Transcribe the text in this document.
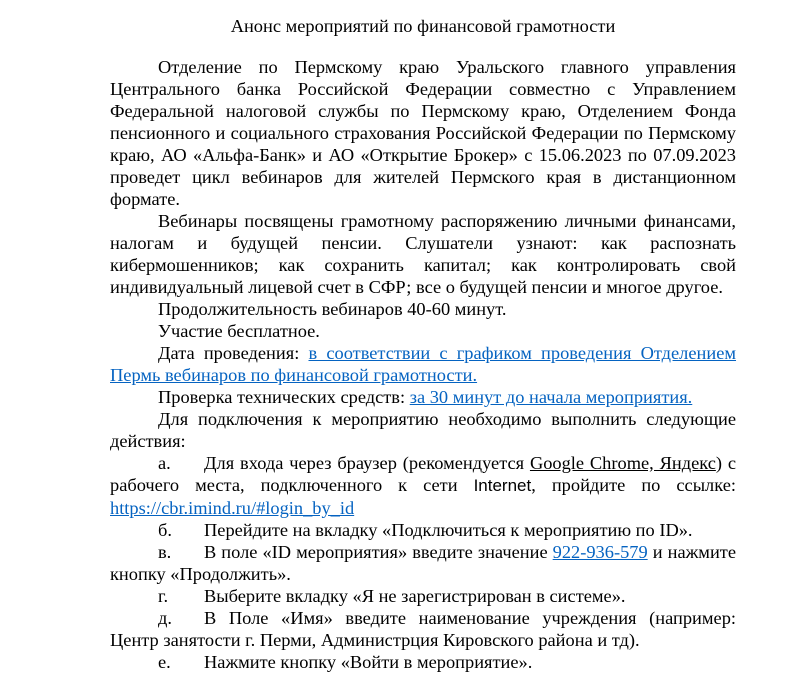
Анонс мероприятий по финансовой грамотности

Отделение по Пермскому краю Уральского главного управления Центрального банка Российской Федерации совместно с Управлением Федеральной налоговой службы по Пермскому краю, Отделением Фонда пенсионного и социального страхования Российской Федерации по Пермскому краю, АО «Альфа-Банк» и АО «Открытие Брокер» с 15.06.2023 по 07.09.2023 проведет цикл вебинаров для жителей Пермского края в дистанционном формате.

Вебинары посвящены грамотному распоряжению личными финансами, налогам и будущей пенсии. Слушатели узнают: как распознать кибермошенников; как сохранить капитал; как контролировать свой индивидуальный лицевой счет в СФР; все о будущей пенсии и многое другое.

Продолжительность вебинаров 40-60 минут.

Участие бесплатное.

Дата проведения: в соответствии с графиком проведения Отделением Пермь вебинаров по финансовой грамотности.

Проверка технических средств: за 30 минут до начала мероприятия.

Для подключения к мероприятию необходимо выполнить следующие действия:

а. Для входа через браузер (рекомендуется Google Chrome, Яндекс) с рабочего места, подключенного к сети Internet, пройдите по ссылке: https://cbr.imind.ru/#login_by_id

б. Перейдите на вкладку «Подключиться к мероприятию по ID».

в. В поле «ID мероприятия» введите значение 922-936-579 и нажмите кнопку «Продолжить».

г. Выберите вкладку «Я не зарегистрирован в системе».

д. В Поле «Имя» введите наименование учреждения (например: Центр занятости г. Перми, Администрция Кировского района и тд).

е. Нажмите кнопку «Войти в мероприятие».
